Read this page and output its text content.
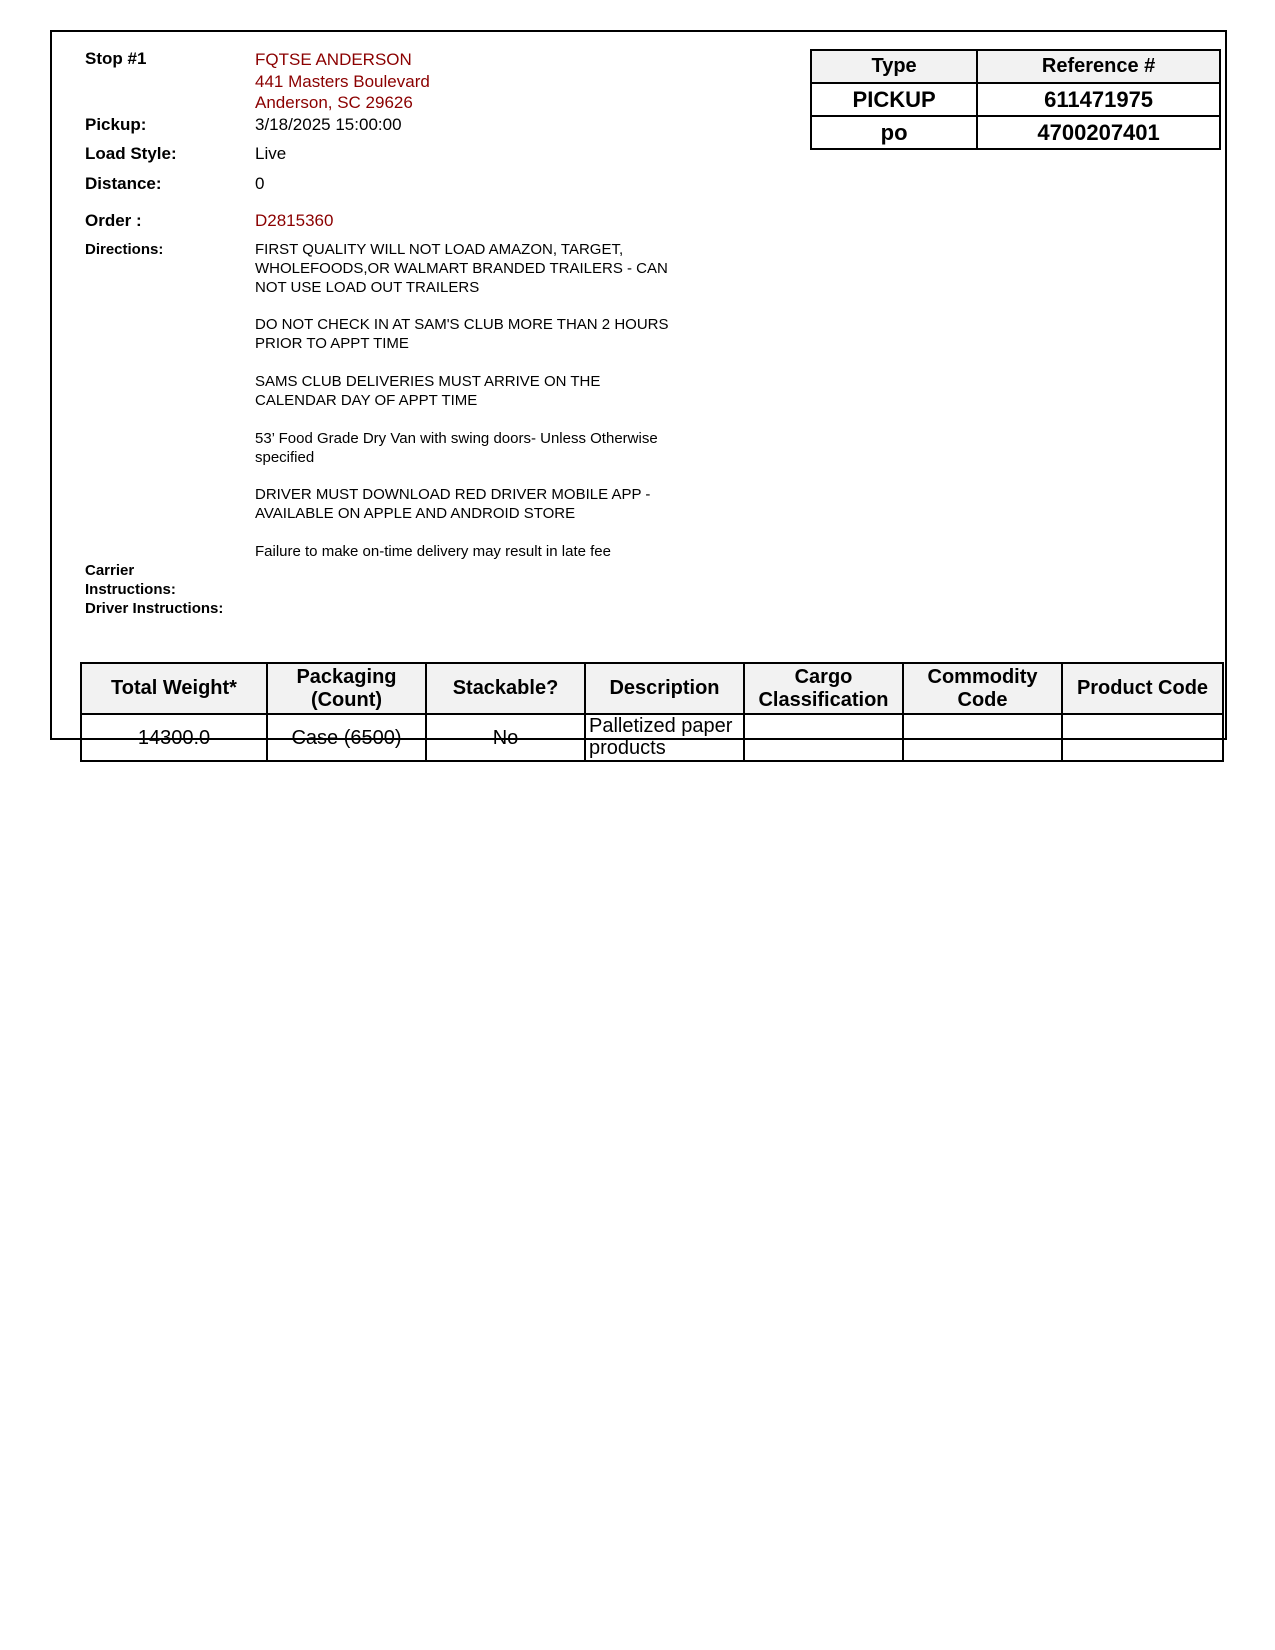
Stop #1	FQTSE ANDERSON
441 Masters Boulevard
Anderson, SC 29626
Pickup:	3/18/2025 15:00:00
Load Style:	Live
Distance:	0
Order :	D2815360
Directions:	FIRST QUALITY WILL NOT LOAD AMAZON, TARGET,
WHOLEFOODS,OR WALMART BRANDED TRAILERS - CAN
NOT USE LOAD OUT TRAILERS
DO NOT CHECK IN AT SAM'S CLUB MORE THAN 2 HOURS
PRIOR TO APPT TIME
SAMS CLUB DELIVERIES MUST ARRIVE ON THE
CALENDAR DAY OF APPT TIME
53’ Food Grade Dry Van with swing doors- Unless Otherwise
specified
DRIVER MUST DOWNLOAD RED DRIVER MOBILE APP -
AVAILABLE ON APPLE AND ANDROID STORE
Failure to make on-time delivery may result in late fee
Carrier
Instructions:
Driver Instructions:
Type	Reference #
PICKUP	611471975
po	4700207401
Total Weight*	Packaging (Count)	Stackable?	Description	Cargo Classification	Commodity Code	Product Code
14300.0	Case (6500)	No	Palletized paper products			
